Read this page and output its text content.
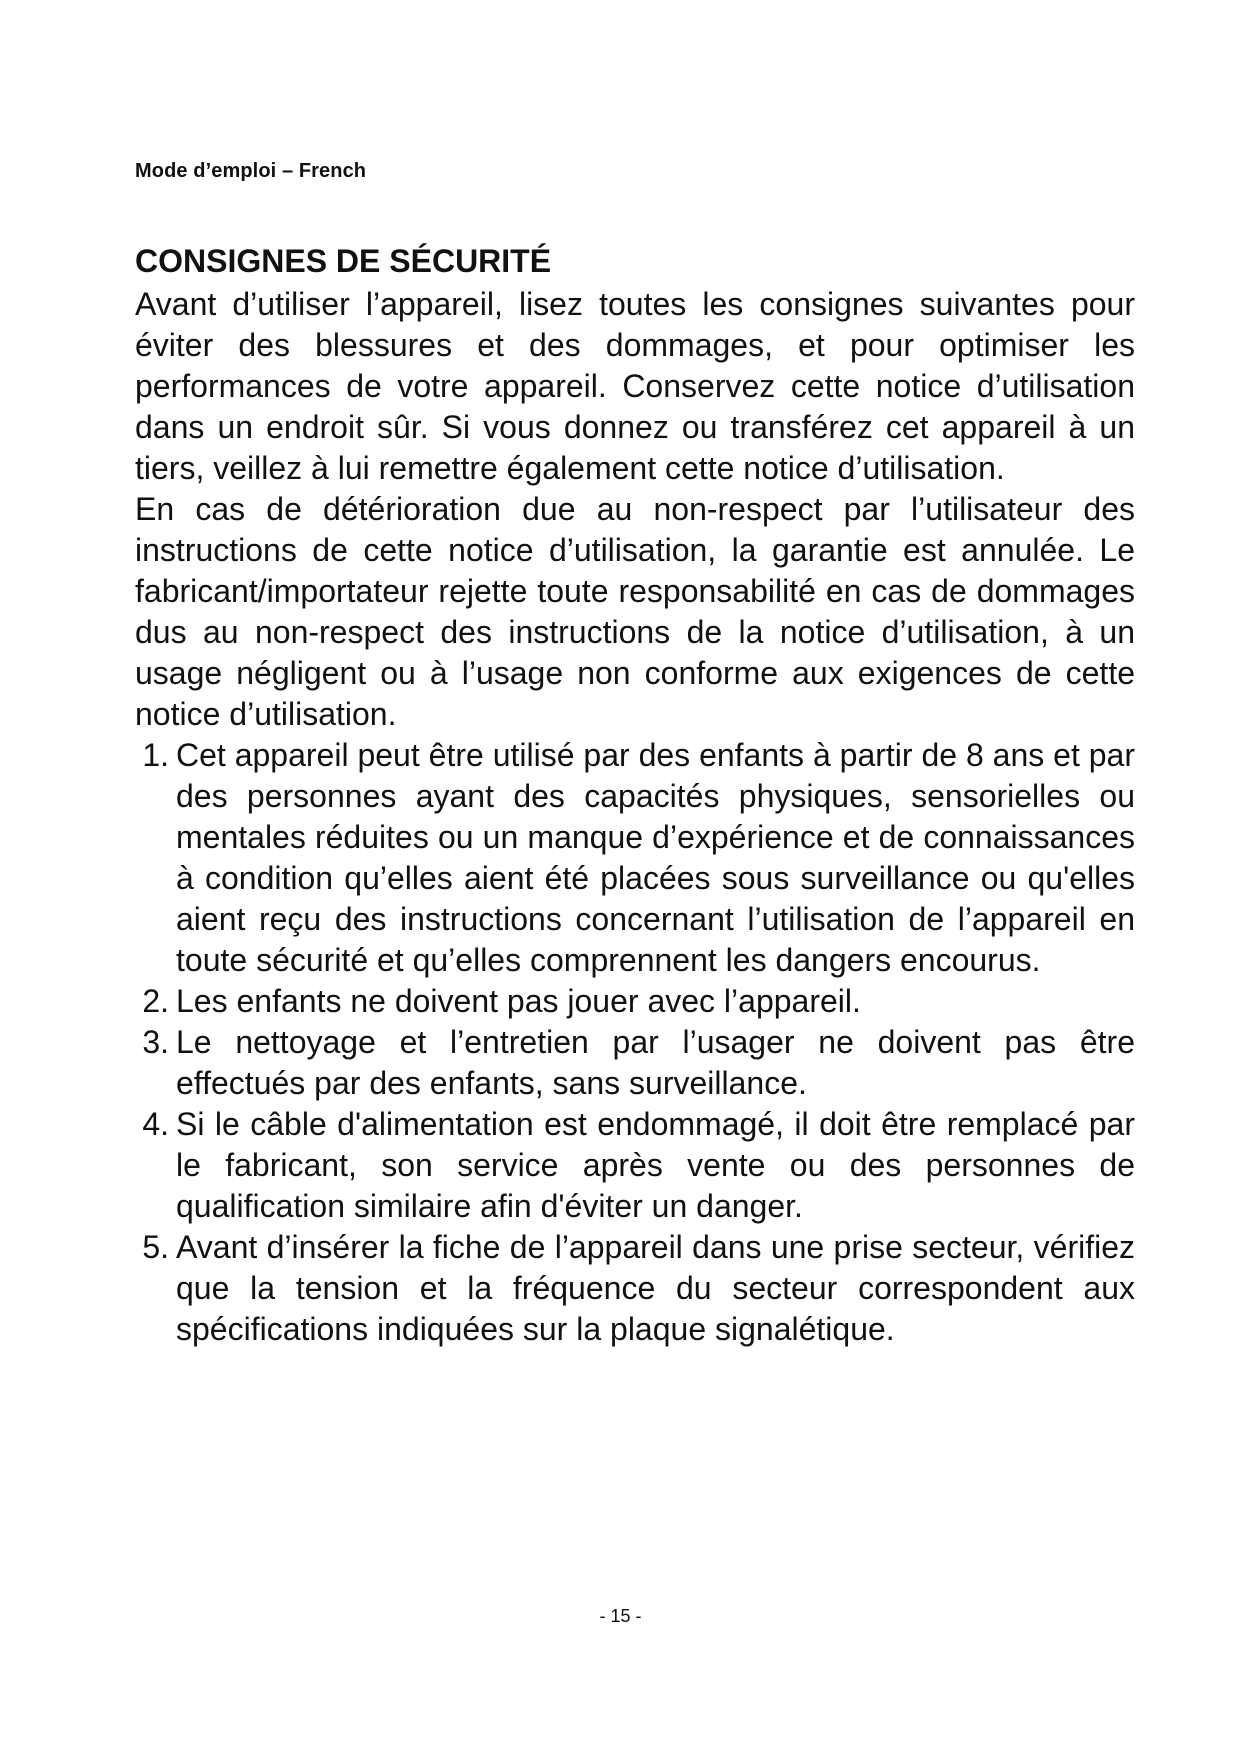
Mode d’emploi – French
CONSIGNES DE SÉCURITÉ

Avant d’utiliser l’appareil, lisez toutes les consignes suivantes pour éviter des blessures et des dommages, et pour optimiser les performances de votre appareil. Conservez cette notice d’utilisation dans un endroit sûr. Si vous donnez ou transférez cet appareil à un tiers, veillez à lui remettre également cette notice d’utilisation.

En cas de détérioration due au non-respect par l’utilisateur des instructions de cette notice d’utilisation, la garantie est annulée. Le fabricant/importateur rejette toute responsabilité en cas de dommages dus au non-respect des instructions de la notice d’utilisation, à un usage négligent ou à l’usage non conforme aux exigences de cette notice d’utilisation.

1. Cet appareil peut être utilisé par des enfants à partir de 8 ans et par des personnes ayant des capacités physiques, sensorielles ou mentales réduites ou un manque d’expérience et de connaissances à condition qu’elles aient été placées sous surveillance ou qu'elles aient reçu des instructions concernant l’utilisation de l’appareil en toute sécurité et qu’elles comprennent les dangers encourus.
2. Les enfants ne doivent pas jouer avec l’appareil.
3. Le nettoyage et l’entretien par l’usager ne doivent pas être effectués par des enfants, sans surveillance.
4. Si le câble d'alimentation est endommagé, il doit être remplacé par le fabricant, son service après vente ou des personnes de qualification similaire afin d'éviter un danger.
5. Avant d’insérer la fiche de l’appareil dans une prise secteur, vérifiez que la tension et la fréquence du secteur correspondent aux spécifications indiquées sur la plaque signalétique.
- 15 -
